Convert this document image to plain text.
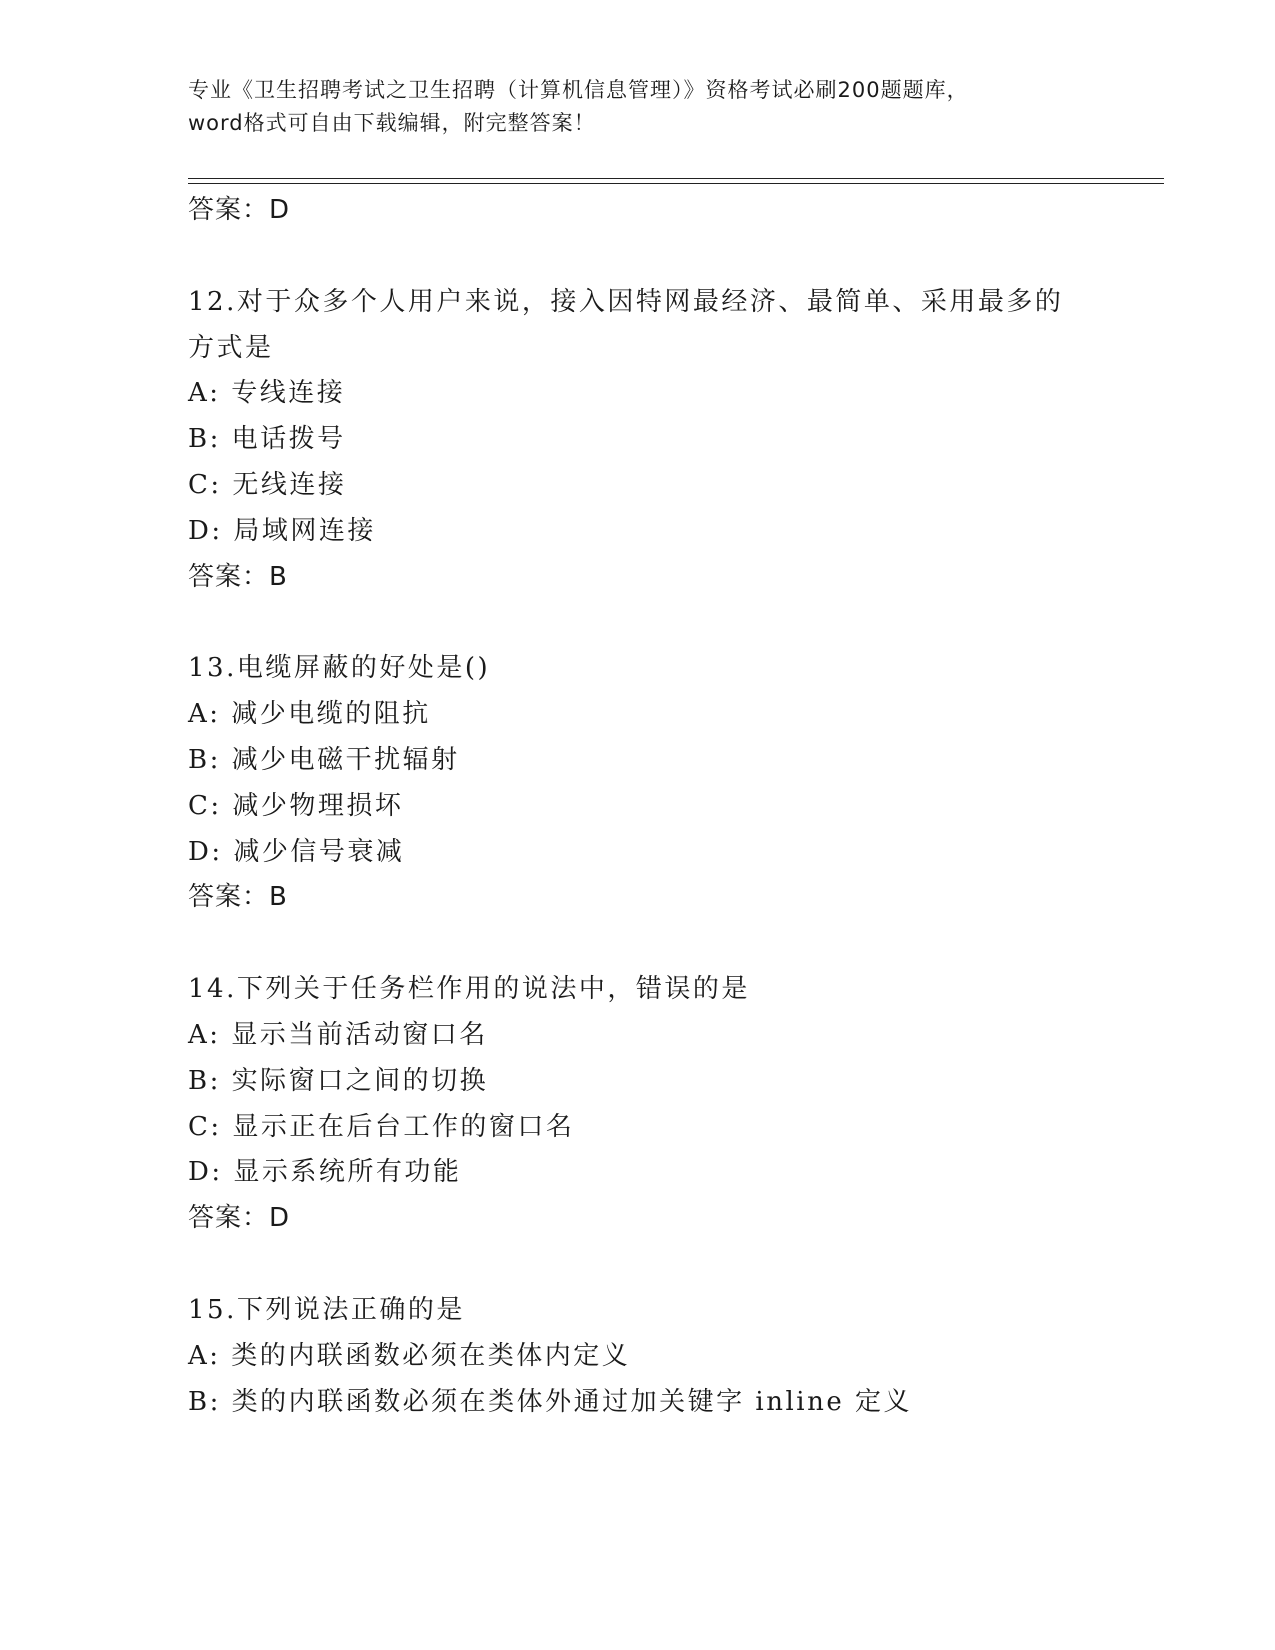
专业《卫生招聘考试之卫生招聘（计算机信息管理）》资格考试必刷200题题库，
word格式可自由下载编辑，附完整答案！
答案：D
12.对于众多个人用户来说，接入因特网最经济、最简单、采用最多的
方式是
A: 专线连接
B: 电话拨号
C: 无线连接
D: 局域网连接
答案：B
13.电缆屏蔽的好处是()
A: 减少电缆的阻抗
B: 减少电磁干扰辐射
C: 减少物理损坏
D: 减少信号衰减
答案：B
14.下列关于任务栏作用的说法中，错误的是
A: 显示当前活动窗口名
B: 实际窗口之间的切换
C: 显示正在后台工作的窗口名
D: 显示系统所有功能
答案：D
15.下列说法正确的是
A: 类的内联函数必须在类体内定义
B: 类的内联函数必须在类体外通过加关键字 inline 定义
